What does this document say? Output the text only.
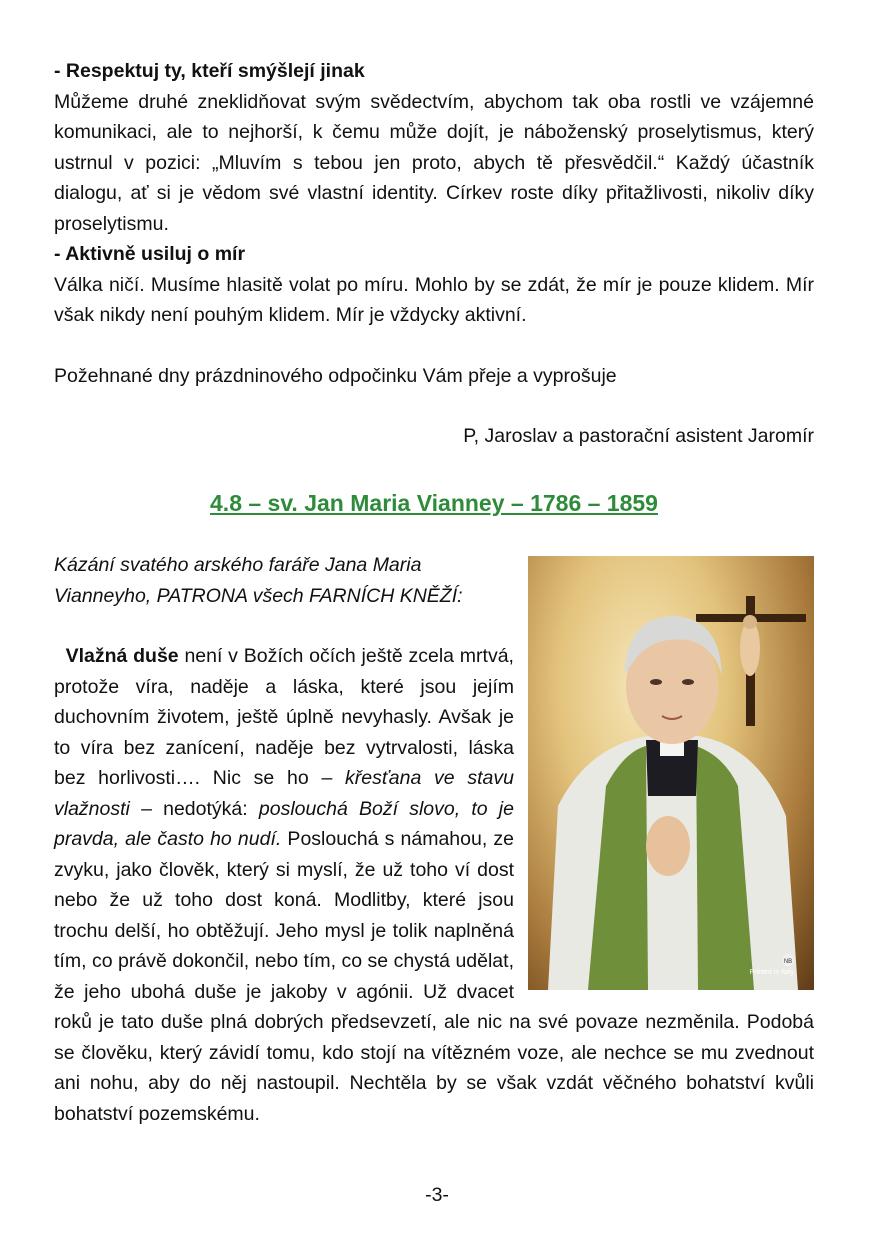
- Respektuj ty, kteří smýšlejí jinak

Můžeme druhé zneklidňovat svým svědectvím, abychom tak oba rostli ve vzájemné komunikaci, ale to nejhorší, k čemu může dojít, je náboženský proselytismus, který ustrnul v pozici: „Mluvím s tebou jen proto, abych tě přesvědčil.“ Každý účastník dialogu, ať si je vědom své vlastní identity. Církev roste díky přitažlivosti, nikoliv díky proselytismu.

- Aktivně usiluj o mír

Válka ničí. Musíme hlasitě volat po míru. Mohlo by se zdát, že mír je pouze klidem. Mír však nikdy není pouhým klidem. Mír je vždycky aktivní.

Požehnané dny prázdninového odpočinku Vám přeje a vyprošuje

P, Jaroslav a pastorační asistent Jaromír

4.8 – sv. Jan Maria Vianney – 1786 – 1859
Printed in Italy
NB

Kázání svatého arského faráře Jana Maria
Vianneyho, PATRONA všech FARNÍCH KNĚŽÍ:

Vlažná duše není v Božích očích ještě zcela mrtvá, protože víra, naděje a láska, které jsou jejím duchovním životem, ještě úplně nevyhasly. Avšak je to víra bez zanícení, naděje bez vytrvalosti, láska bez horlivosti…. Nic se ho – křesťana ve stavu vlažnosti – nedotýká: poslouchá Boží slovo, to je pravda, ale často ho nudí. Poslouchá s námahou, ze zvyku, jako člověk, který si myslí, že už toho ví dost nebo že už toho dost koná. Modlitby, které jsou trochu delší, ho obtěžují. Jeho mysl je tolik naplněná tím, co právě dokončil, nebo tím, co se chystá udělat, že jeho ubohá duše je jakoby v agónii. Už dvacet roků je tato duše plná dobrých předsevzetí, ale nic na své povaze nezměnila. Podobá se člověku, který závidí tomu, kdo stojí na vítězném voze, ale nechce se mu zvednout ani nohu, aby do něj nastoupil. Nechtěla by se však vzdát věčného bohatství kvůli bohatství pozemskému.

-3-
